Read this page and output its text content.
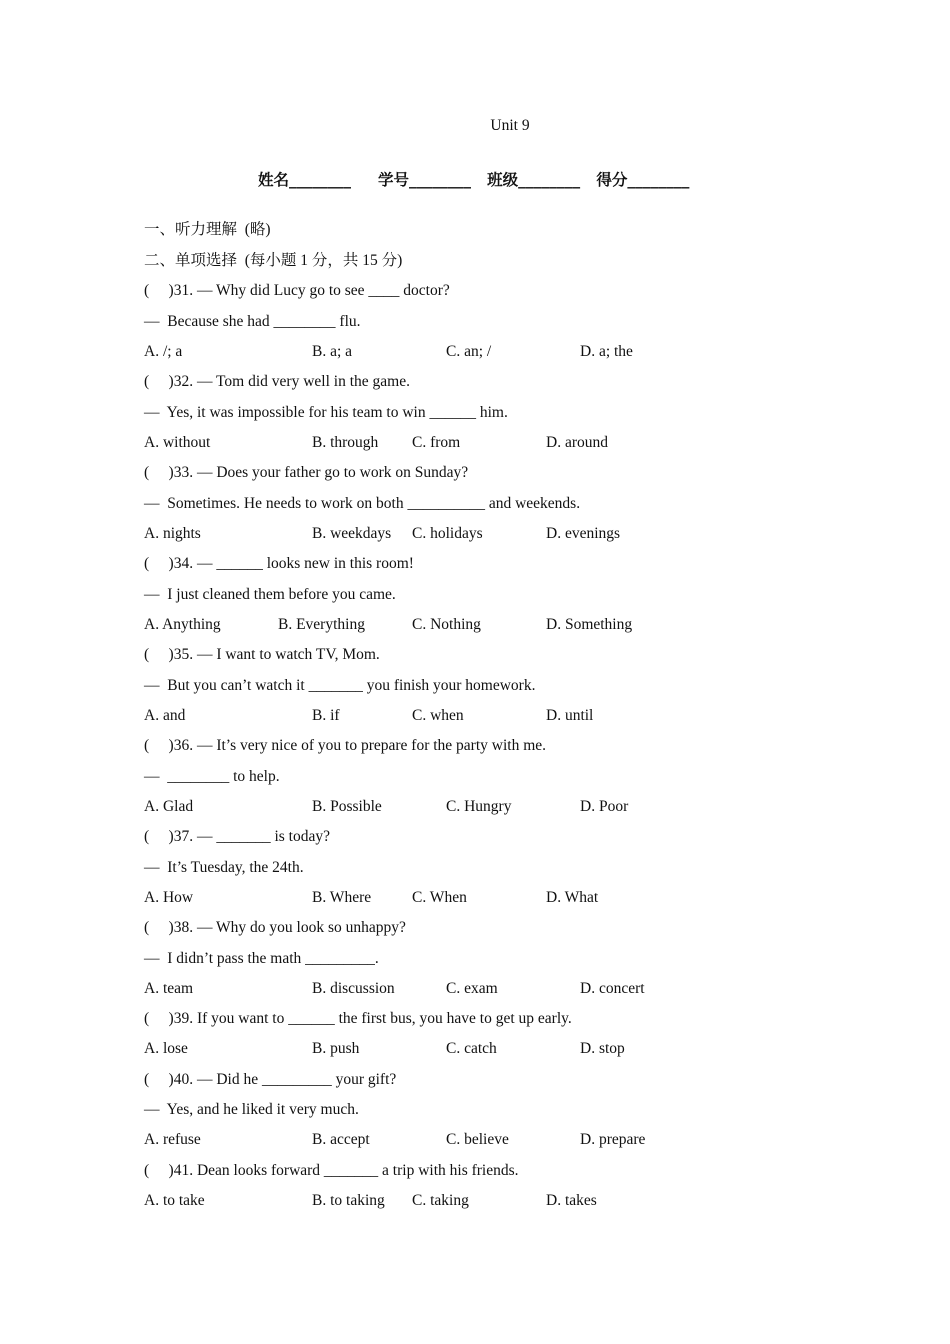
Unit 9
姓名________     学号________   班级________   得分________
一、听力理解  (略)
二、单项选择  (每小题 1 分，共 15 分)
(     )31. — Why did Lucy go to see ____ doctor?
—  Because she had ________ flu.
A. /; a	B. a; a	C. an; /	D. a; the
(     )32. — Tom did very well in the game.
—  Yes, it was impossible for his team to win ______ him.
A. without	B. through C. from	D. around
(     )33. — Does your father go to work on Sunday?
—  Sometimes. He needs to work on both __________ and weekends.
A. nights	B. weekdays C. holidays	D. evenings
(     )34. — ______ looks new in this room!
—  I just cleaned them before you came.
A. Anything	B. Everything	C. Nothing	D. Something
(     )35. — I want to watch TV, Mom.
—  But you can’t watch it _______ you finish your homework.
A. and	B. if	C. when	D. until
(     )36. — It’s very nice of you to prepare for the party with me.
—  ________ to help.
A. Glad	B. Possible	C. Hungry	D. Poor
(     )37. — _______ is today?
—  It’s Tuesday, the 24th.
A. How	B. Where	C. When	D. What
(     )38. — Why do you look so unhappy?
—  I didn’t pass the math _________.
A. team	B. discussion	C. exam	D. concert
(     )39. If you want to ______ the first bus, you have to get up early.
A. lose	B. push	C. catch	D. stop
(     )40. — Did he _________ your gift?
—  Yes, and he liked it very much.
A. refuse	B. accept	C. believe	D. prepare
(     )41. Dean looks forward _______ a trip with his friends.
A. to take	B. to taking C. taking	D. takes
